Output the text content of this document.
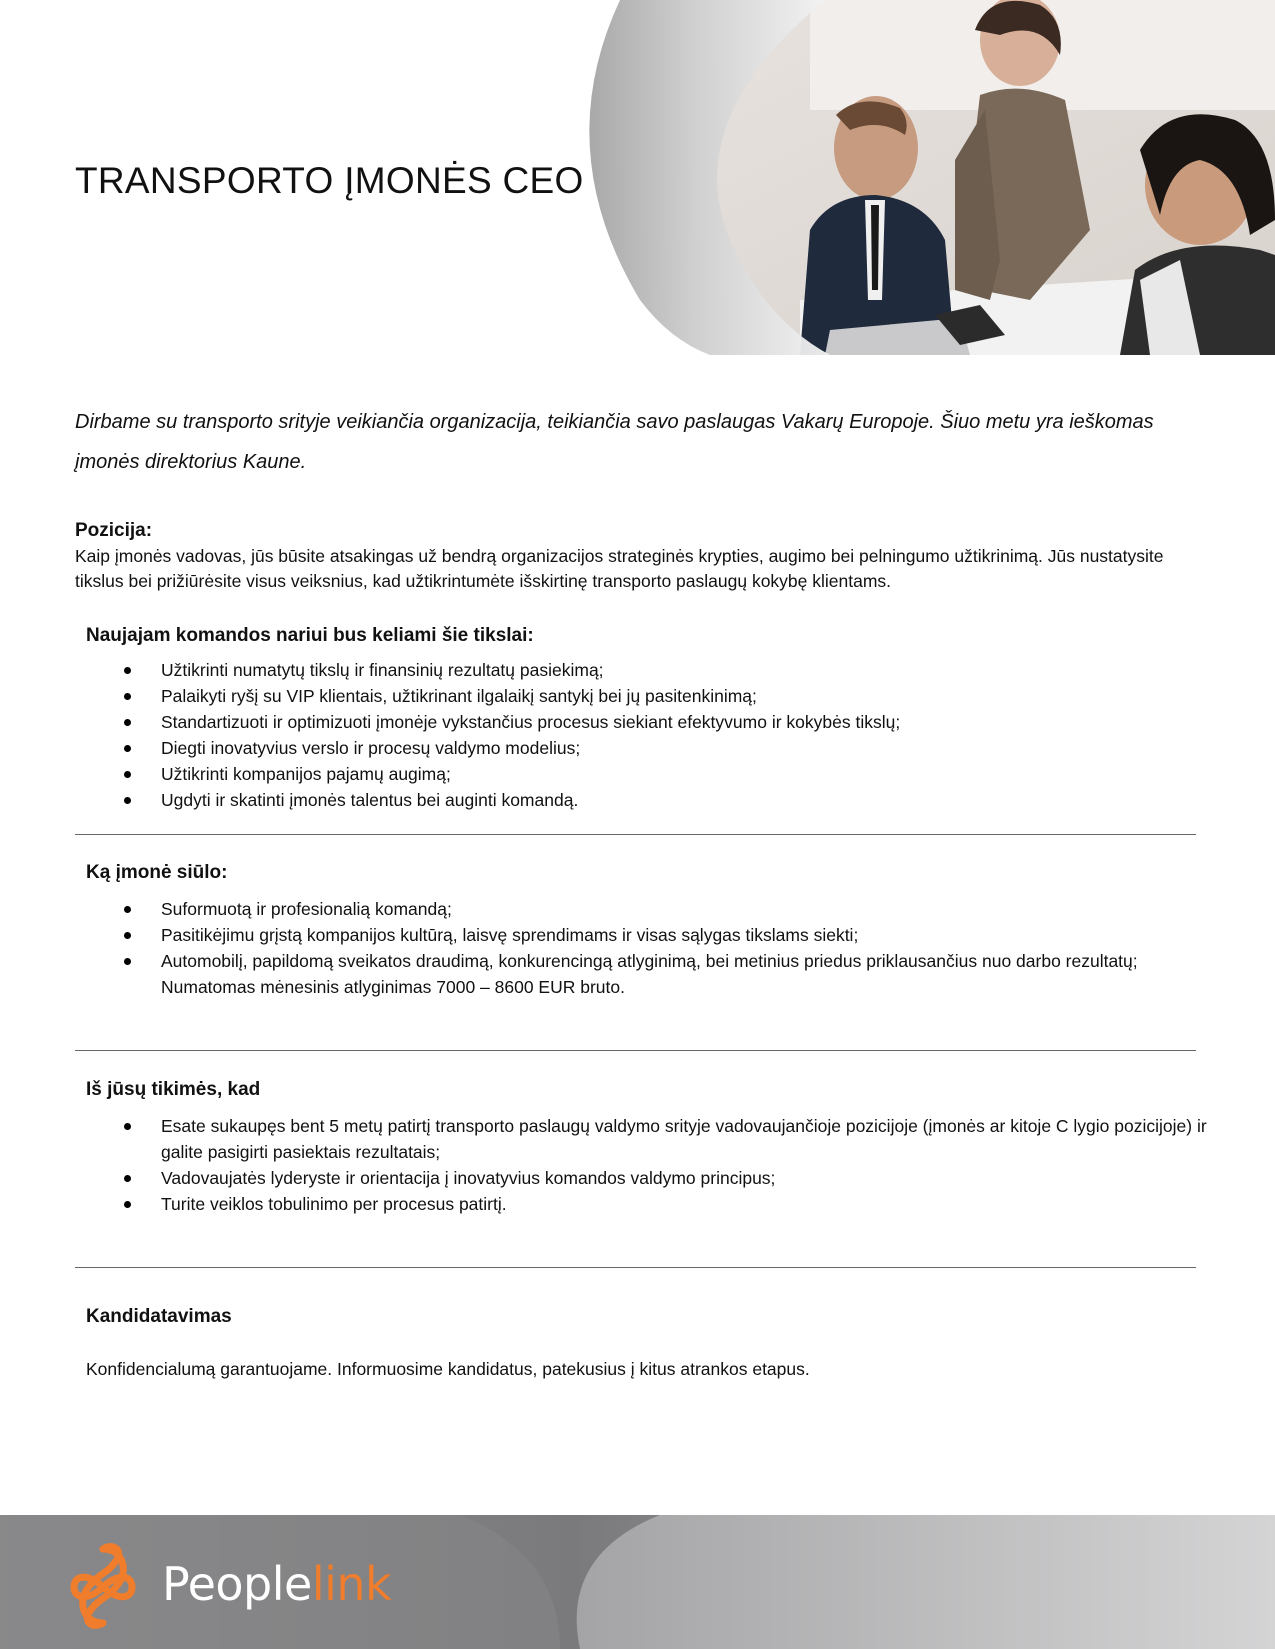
TRANSPORTO ĮMONĖS CEO

Dirbame su transporto srityje veikiančia organizacija, teikiančia savo paslaugas Vakarų Europoje. Šiuo metu yra ieškomas įmonės direktorius Kaune.

Pozicija:

Kaip įmonės vadovas, jūs būsite atsakingas už bendrą organizacijos strateginės krypties, augimo bei pelningumo užtikrinimą. Jūs nustatysite tikslus bei prižiūrėsite visus veiksnius, kad užtikrintumėte išskirtinę transporto paslaugų kokybę klientams.

Naujajam komandos nariui bus keliami šie tikslai:
Užtikrinti numatytų tikslų ir finansinių rezultatų pasiekimą;
Palaikyti ryšį su VIP klientais, užtikrinant ilgalaikį santykį bei jų pasitenkinimą;
Standartizuoti ir optimizuoti įmonėje vykstančius procesus siekiant efektyvumo ir kokybės tikslų;
Diegti inovatyvius verslo ir procesų valdymo modelius;
Užtikrinti kompanijos pajamų augimą;
Ugdyti ir skatinti įmonės talentus bei auginti komandą.
Ką įmonė siūlo:
Suformuotą ir profesionalią komandą;
Pasitikėjimu grįstą kompanijos kultūrą, laisvę sprendimams ir visas sąlygas tikslams siekti;
Automobilį, papildomą sveikatos draudimą, konkurencingą atlyginimą, bei metinius priedus priklausančius nuo darbo rezultatų; Numatomas mėnesinis atlyginimas 7000 – 8600 EUR bruto.
Iš jūsų tikimės, kad
Esate sukaupęs bent 5 metų patirtį transporto paslaugų valdymo srityje vadovaujančioje pozicijoje (įmonės ar kitoje C lygio pozicijoje) ir galite pasigirti pasiektais rezultatais;
Vadovaujatės lyderyste ir orientacija į inovatyvius komandos valdymo principus;
Turite veiklos tobulinimo per procesus patirtį.
Kandidatavimas

Konfidencialumą garantuojame. Informuosime kandidatus, patekusius į kitus atrankos etapus.

Peoplelink
